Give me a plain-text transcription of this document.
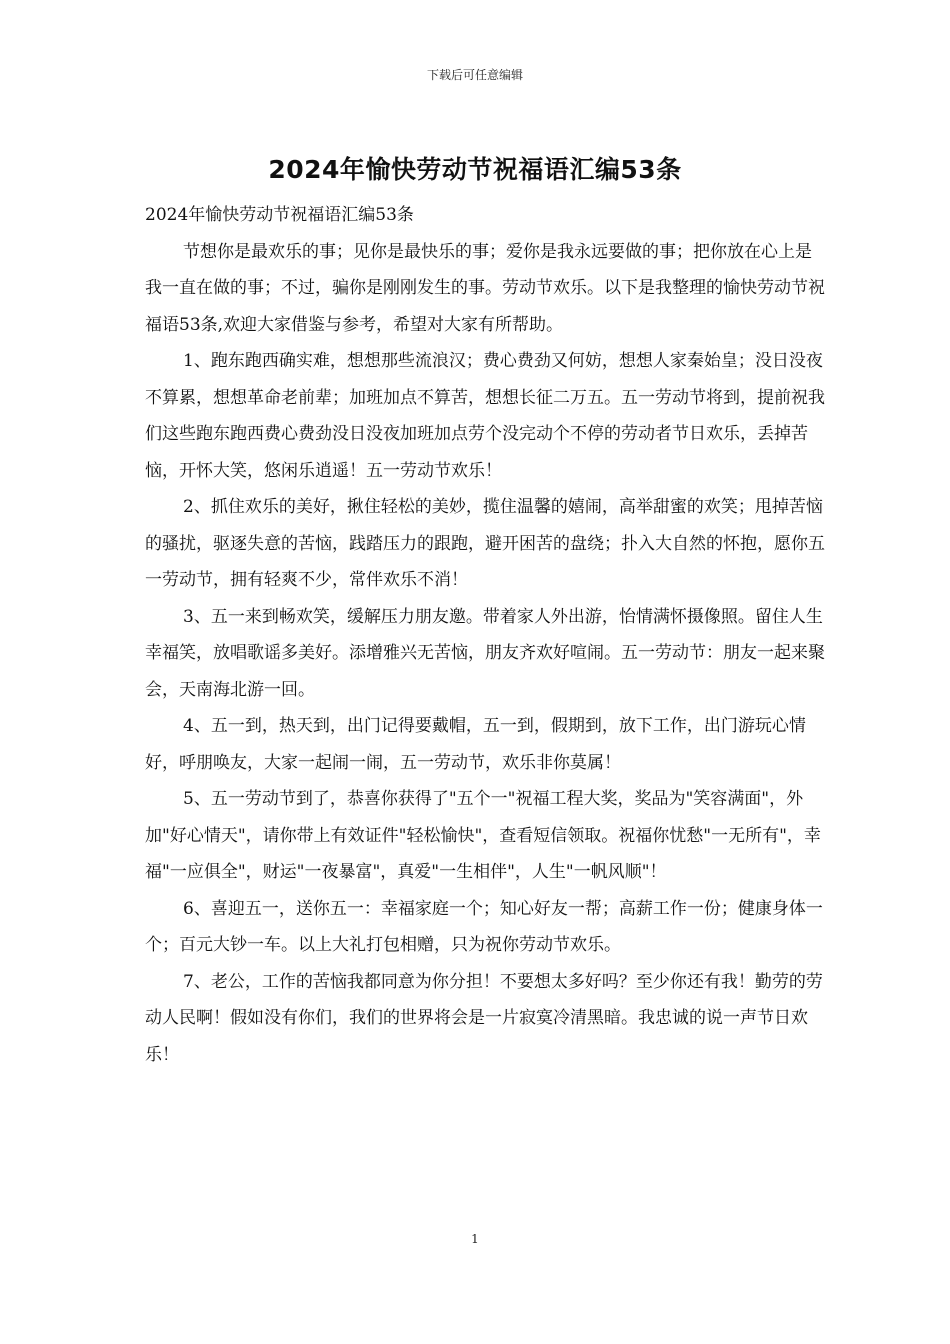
下载后可任意编辑
2024年愉快劳动节祝福语汇编53条

2024年愉快劳动节祝福语汇编53条

节想你是最欢乐的事；见你是最快乐的事；爱你是我永远要做的事；把你放在心上是我一直在做的事；不过，骗你是刚刚发生的事。劳动节欢乐。以下是我整理的愉快劳动节祝福语53条,欢迎大家借鉴与参考，希望对大家有所帮助。

1、跑东跑西确实难，想想那些流浪汉；费心费劲又何妨，想想人家秦始皇；没日没夜不算累，想想革命老前辈；加班加点不算苦，想想长征二万五。五一劳动节将到，提前祝我们这些跑东跑西费心费劲没日没夜加班加点劳个没完动个不停的劳动者节日欢乐，丢掉苦恼，开怀大笑，悠闲乐逍遥！五一劳动节欢乐！

2、抓住欢乐的美好，揪住轻松的美妙，揽住温馨的嬉闹，高举甜蜜的欢笑；甩掉苦恼的骚扰，驱逐失意的苦恼，践踏压力的跟跑，避开困苦的盘绕；扑入大自然的怀抱，愿你五一劳动节，拥有轻爽不少，常伴欢乐不消！

3、五一来到畅欢笑，缓解压力朋友邀。带着家人外出游，怡情满怀摄像照。留住人生幸福笑，放唱歌谣多美好。添增雅兴无苦恼，朋友齐欢好喧闹。五一劳动节：朋友一起来聚会，天南海北游一回。

4、五一到，热天到，出门记得要戴帽，五一到，假期到，放下工作，出门游玩心情好，呼朋唤友，大家一起闹一闹，五一劳动节，欢乐非你莫属！

5、五一劳动节到了，恭喜你获得了"五个一"祝福工程大奖，奖品为"笑容满面"，外加"好心情天"，请你带上有效证件"轻松愉快"，查看短信领取。祝福你忧愁"一无所有"，幸福"一应俱全"，财运"一夜暴富"，真爱"一生相伴"，人生"一帆风顺"！

6、喜迎五一，送你五一：幸福家庭一个；知心好友一帮；高薪工作一份；健康身体一个；百元大钞一车。以上大礼打包相赠，只为祝你劳动节欢乐。

7、老公，工作的苦恼我都同意为你分担！不要想太多好吗？至少你还有我！勤劳的劳动人民啊！假如没有你们，我们的世界将会是一片寂寞冷清黑暗。我忠诚的说一声节日欢乐！

1
